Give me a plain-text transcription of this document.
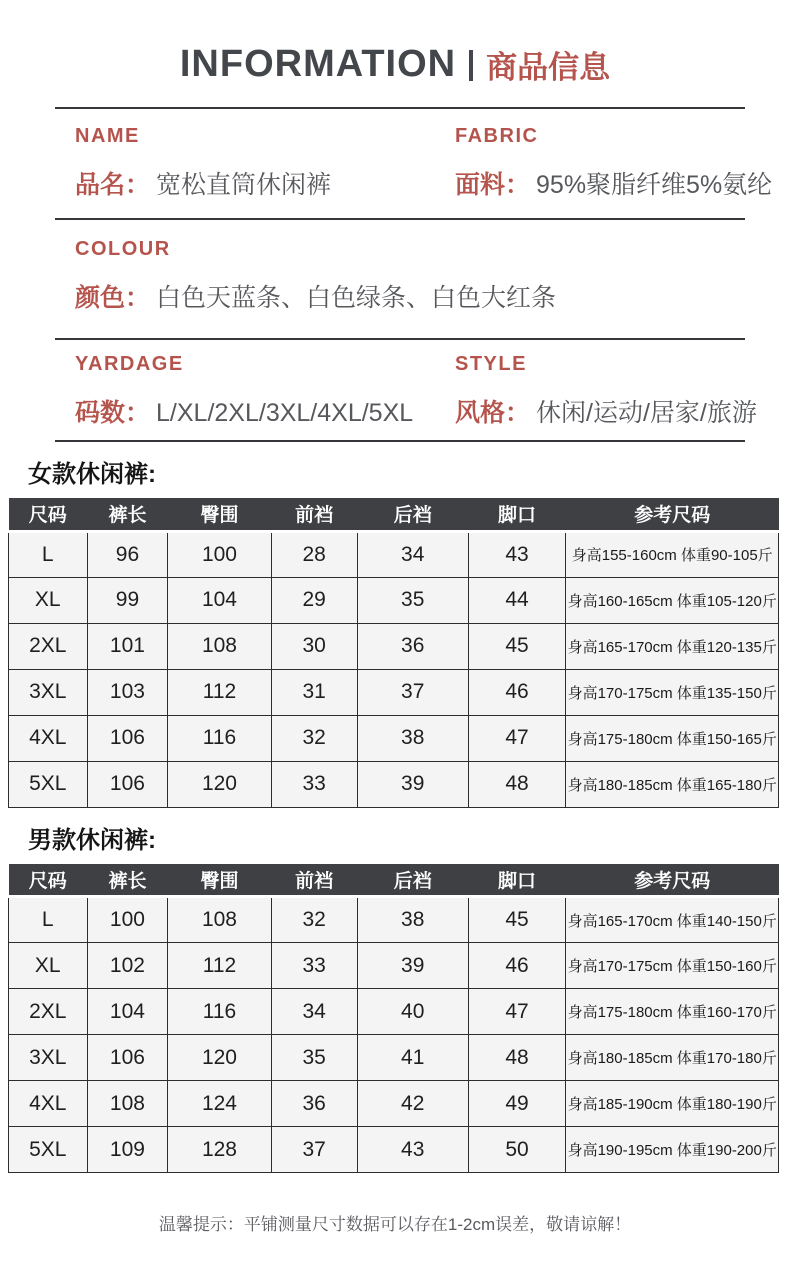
INFORMATION 商品信息
NAME
品名： 宽松直筒休闲裤
FABRIC
面料： 95%聚脂纤维5%氨纶
COLOUR
颜色： 白色天蓝条、白色绿条、白色大红条
YARDAGE
码数： L/XL/2XL/3XL/4XL/5XL
STYLE
风格： 休闲/运动/居家/旅游
女款休闲裤:
尺码	裤长	臀围	前裆	后裆	脚口	参考尺码
L	96	100	28	34	43	身高155-160cm 体重90-105斤
XL	99	104	29	35	44	身高160-165cm 体重105-120斤
2XL	101	108	30	36	45	身高165-170cm 体重120-135斤
3XL	103	112	31	37	46	身高170-175cm 体重135-150斤
4XL	106	116	32	38	47	身高175-180cm 体重150-165斤
5XL	106	120	33	39	48	身高180-185cm 体重165-180斤
男款休闲裤:
尺码	裤长	臀围	前裆	后裆	脚口	参考尺码
L	100	108	32	38	45	身高165-170cm 体重140-150斤
XL	102	112	33	39	46	身高170-175cm 体重150-160斤
2XL	104	116	34	40	47	身高175-180cm 体重160-170斤
3XL	106	120	35	41	48	身高180-185cm 体重170-180斤
4XL	108	124	36	42	49	身高185-190cm 体重180-190斤
5XL	109	128	37	43	50	身高190-195cm 体重190-200斤
温馨提示：平铺测量尺寸数据可以存在1-2cm误差，敬请谅解！
